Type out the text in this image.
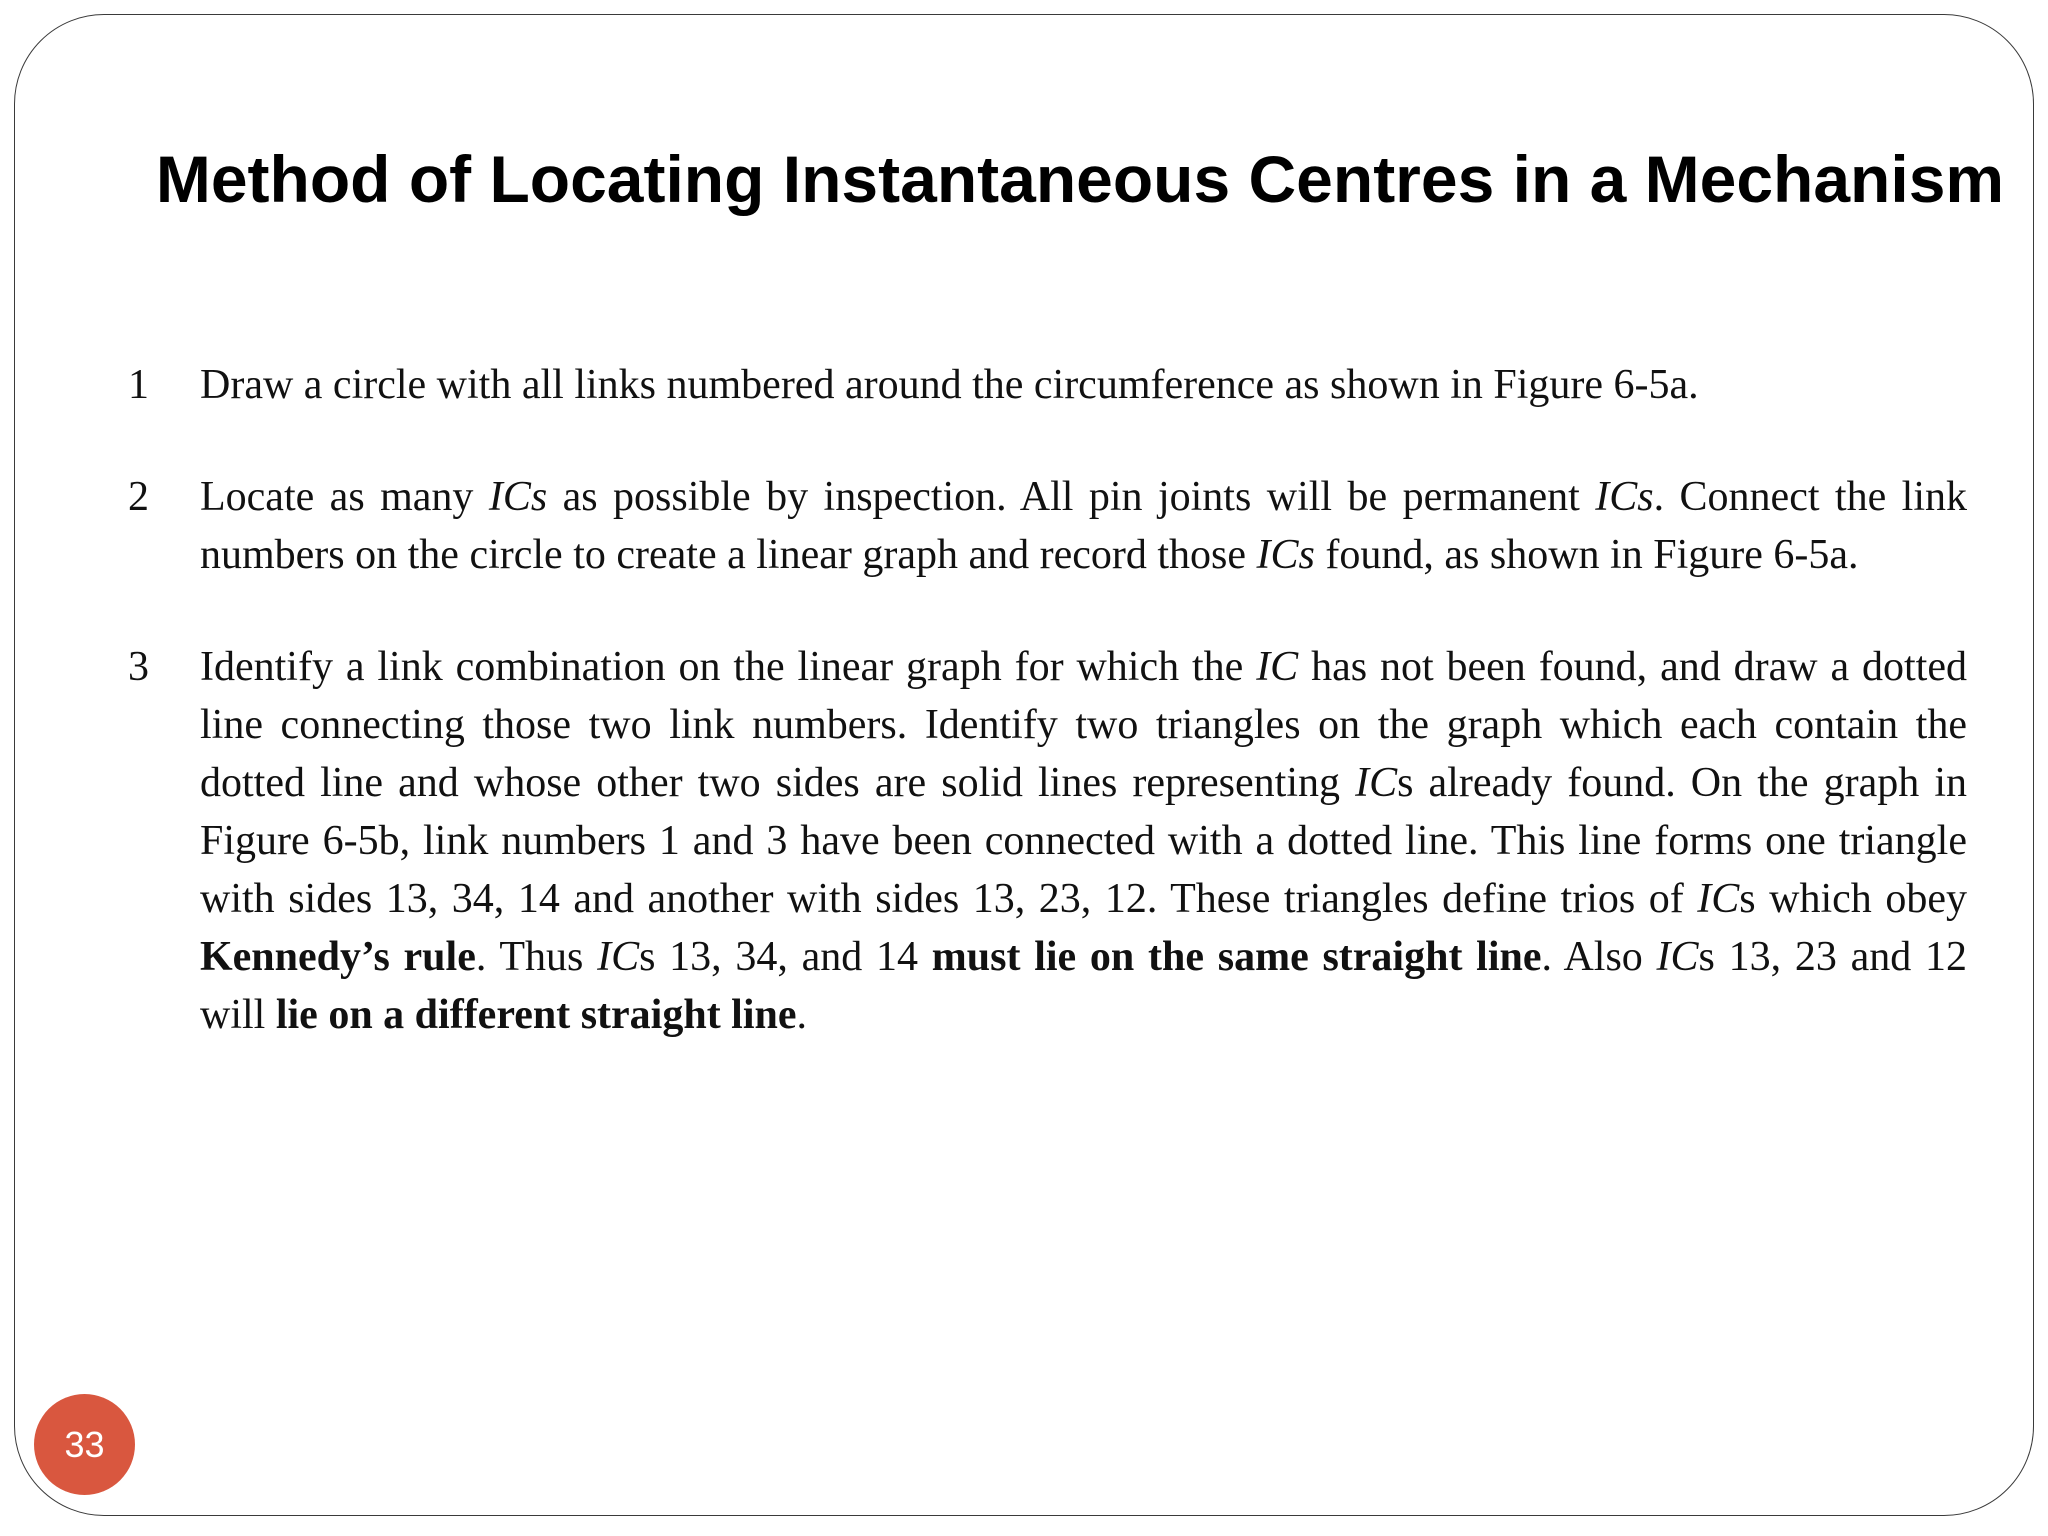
Method of Locating Instantaneous Centres in a Mechanism
1 Draw a circle with all links numbered around the circumference as shown in Figure 6-5a.
2 Locate as many ICs as possible by inspection. All pin joints will be permanent ICs. Connect the link numbers on the circle to create a linear graph and record those ICs found, as shown in Figure 6-5a.
3 Identify a link combination on the linear graph for which the IC has not been found, and draw a dotted line connecting those two link numbers. Identify two triangles on the graph which each contain the dotted line and whose other two sides are solid lines representing ICs already found. On the graph in Figure 6-5b, link numbers 1 and 3 have been connected with a dotted line. This line forms one triangle with sides 13, 34, 14 and another with sides 13, 23, 12. These triangles define trios of ICs which obey Kennedy’s rule. Thus ICs 13, 34, and 14 must lie on the same straight line. Also ICs 13, 23 and 12 will lie on a different straight line.
33
